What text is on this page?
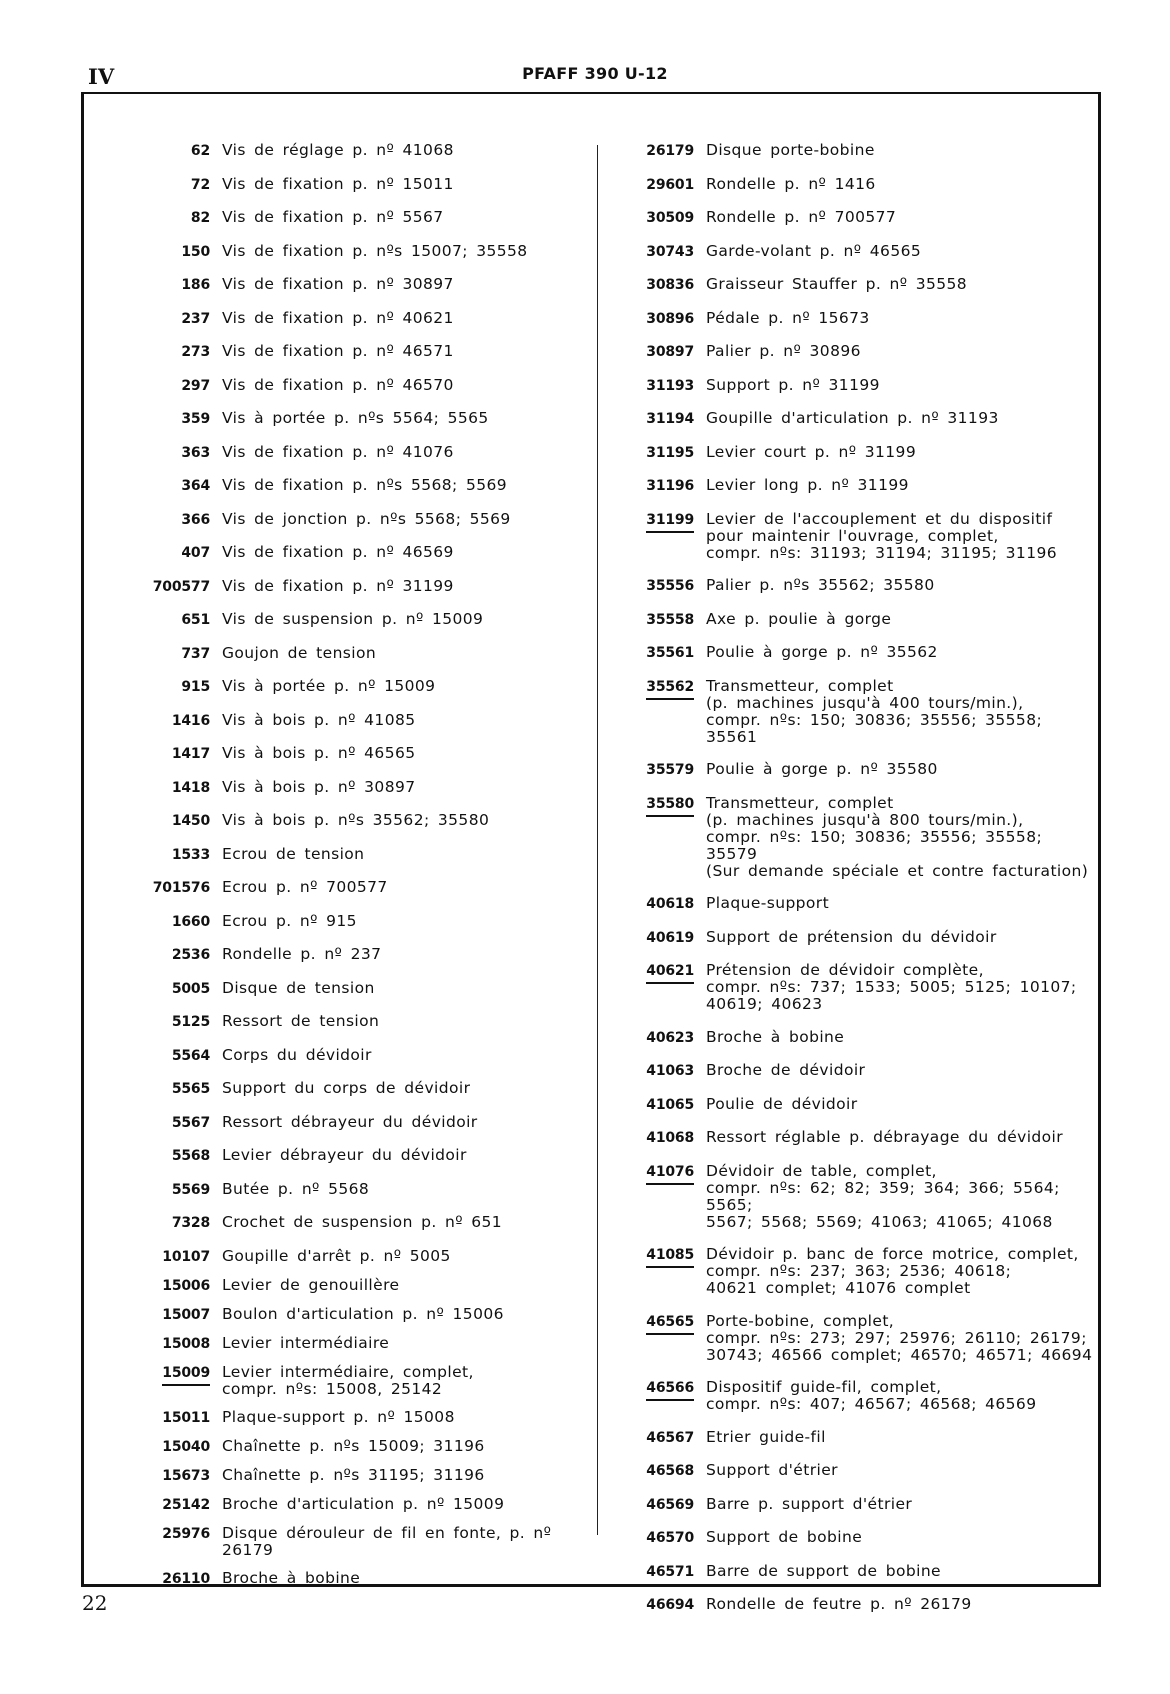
IV	PFAFF 390 U-12
62 Vis de réglage p. nº 41068
72 Vis de fixation p. nº 15011
82 Vis de fixation p. nº 5567
150 Vis de fixation p. nºs 15007; 35558
186 Vis de fixation p. nº 30897
237 Vis de fixation p. nº 40621
273 Vis de fixation p. nº 46571
297 Vis de fixation p. nº 46570
359 Vis à portée p. nºs 5564; 5565
363 Vis de fixation p. nº 41076
364 Vis de fixation p. nºs 5568; 5569
366 Vis de jonction p. nºs 5568; 5569
407 Vis de fixation p. nº 46569
700577 Vis de fixation p. nº 31199
651 Vis de suspension p. nº 15009
737 Goujon de tension
915 Vis à portée p. nº 15009
1416 Vis à bois p. nº 41085
1417 Vis à bois p. nº 46565
1418 Vis à bois p. nº 30897
1450 Vis à bois p. nºs 35562; 35580
1533 Ecrou de tension
701576 Ecrou p. nº 700577
1660 Ecrou p. nº 915
2536 Rondelle p. nº 237
5005 Disque de tension
5125 Ressort de tension
5564 Corps du dévidoir
5565 Support du corps de dévidoir
5567 Ressort débrayeur du dévidoir
5568 Levier débrayeur du dévidoir
5569 Butée p. nº 5568
7328 Crochet de suspension p. nº 651
10107 Goupille d'arrêt p. nº 5005
15006 Levier de genouillère
15007 Boulon d'articulation p. nº 15006
15008 Levier intermédiaire
15009 Levier intermédiaire, complet,
compr. nºs: 15008, 25142
15011 Plaque-support p. nº 15008
15040 Chaînette p. nºs 15009; 31196
15673 Chaînette p. nºs 31195; 31196
25142 Broche d'articulation p. nº 15009
25976 Disque dérouleur de fil en fonte, p. nº 26179
26110 Broche à bobine
26179 Disque porte-bobine
29601 Rondelle p. nº 1416
30509 Rondelle p. nº 700577
30743 Garde-volant p. nº 46565
30836 Graisseur Stauffer p. nº 35558
30896 Pédale p. nº 15673
30897 Palier p. nº 30896
31193 Support p. nº 31199
31194 Goupille d'articulation p. nº 31193
31195 Levier court p. nº 31199
31196 Levier long p. nº 31199
31199 Levier de l'accouplement et du dispositif
pour maintenir l'ouvrage, complet,
compr. nºs: 31193; 31194; 31195; 31196
35556 Palier p. nºs 35562; 35580
35558 Axe p. poulie à gorge
35561 Poulie à gorge p. nº 35562
35562 Transmetteur, complet
(p. machines jusqu'à 400 tours/min.),
compr. nºs: 150; 30836; 35556; 35558; 35561
35579 Poulie à gorge p. nº 35580
35580 Transmetteur, complet
(p. machines jusqu'à 800 tours/min.),
compr. nºs: 150; 30836; 35556; 35558; 35579
(Sur demande spéciale et contre facturation)
40618 Plaque-support
40619 Support de prétension du dévidoir
40621 Prétension de dévidoir complète,
compr. nºs: 737; 1533; 5005; 5125; 10107;
40619; 40623
40623 Broche à bobine
41063 Broche de dévidoir
41065 Poulie de dévidoir
41068 Ressort réglable p. débrayage du dévidoir
41076 Dévidoir de table, complet,
compr. nºs: 62; 82; 359; 364; 366; 5564; 5565;
5567; 5568; 5569; 41063; 41065; 41068
41085 Dévidoir p. banc de force motrice, complet,
compr. nºs: 237; 363; 2536; 40618;
40621 complet; 41076 complet
46565 Porte-bobine, complet,
compr. nºs: 273; 297; 25976; 26110; 26179;
30743; 46566 complet; 46570; 46571; 46694
46566 Dispositif guide-fil, complet,
compr. nºs: 407; 46567; 46568; 46569
46567 Etrier guide-fil
46568 Support d'étrier
46569 Barre p. support d'étrier
46570 Support de bobine
46571 Barre de support de bobine
46694 Rondelle de feutre p. nº 26179
22
